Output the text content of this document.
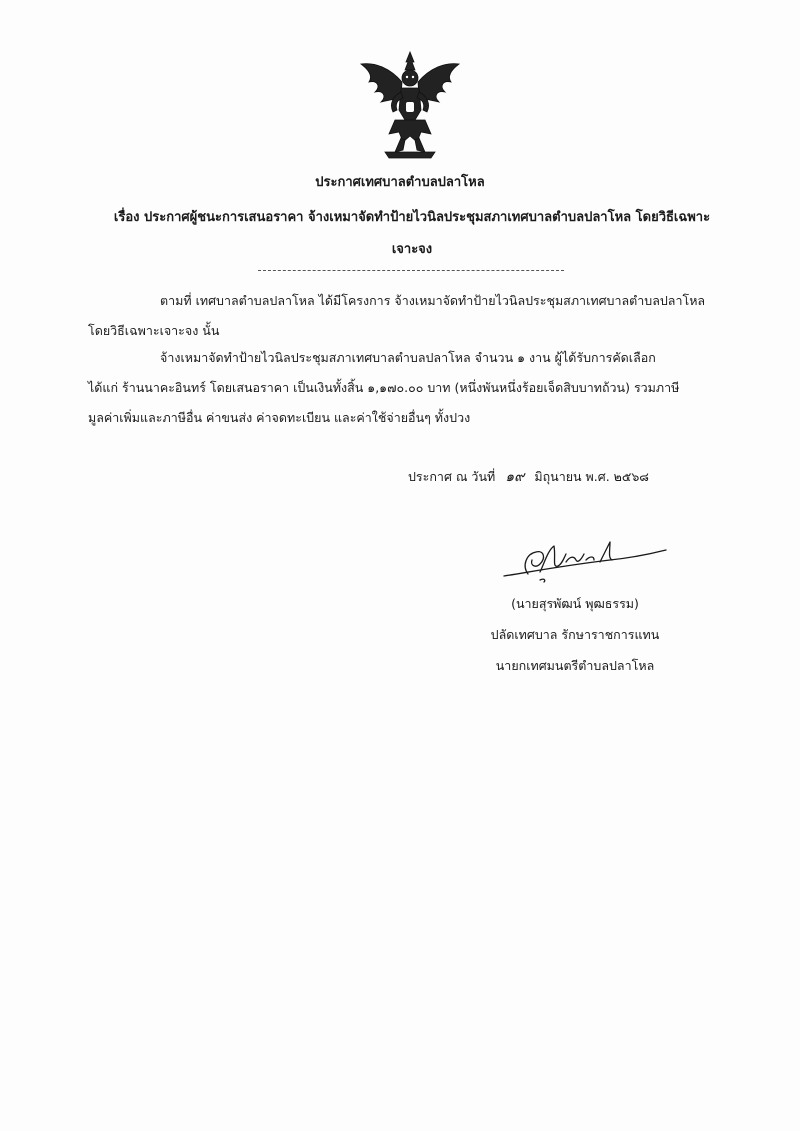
ประกาศเทศบาลตำบลปลาโหล
เรื่อง ประกาศผู้ชนะการเสนอราคา จ้างเหมาจัดทำป้ายไวนิลประชุมสภาเทศบาลตำบลปลาโหล โดยวิธีเฉพาะ
เจาะจง
ตามที่ เทศบาลตำบลปลาโหล ได้มีโครงการ จ้างเหมาจัดทำป้ายไวนิลประชุมสภาเทศบาลตำบลปลาโหล
โดยวิธีเฉพาะเจาะจง นั้น
จ้างเหมาจัดทำป้ายไวนิลประชุมสภาเทศบาลตำบลปลาโหล จำนวน ๑ งาน ผู้ได้รับการคัดเลือก
ได้แก่ ร้านนาคะอินทร์ โดยเสนอราคา เป็นเงินทั้งสิ้น ๑,๑๗๐.๐๐ บาท (หนึ่งพันหนึ่งร้อยเจ็ดสิบบาทถ้วน) รวมภาษี
มูลค่าเพิ่มและภาษีอื่น ค่าขนส่ง ค่าจดทะเบียน และค่าใช้จ่ายอื่นๆ ทั้งปวง
ประกาศ ณ วันที่ ๑๙ มิถุนายน พ.ศ. ๒๕๖๘
(นายสุรพัฒน์ พุฒธรรม)
ปลัดเทศบาล รักษาราชการแทน
นายกเทศมนตรีตำบลปลาโหล
